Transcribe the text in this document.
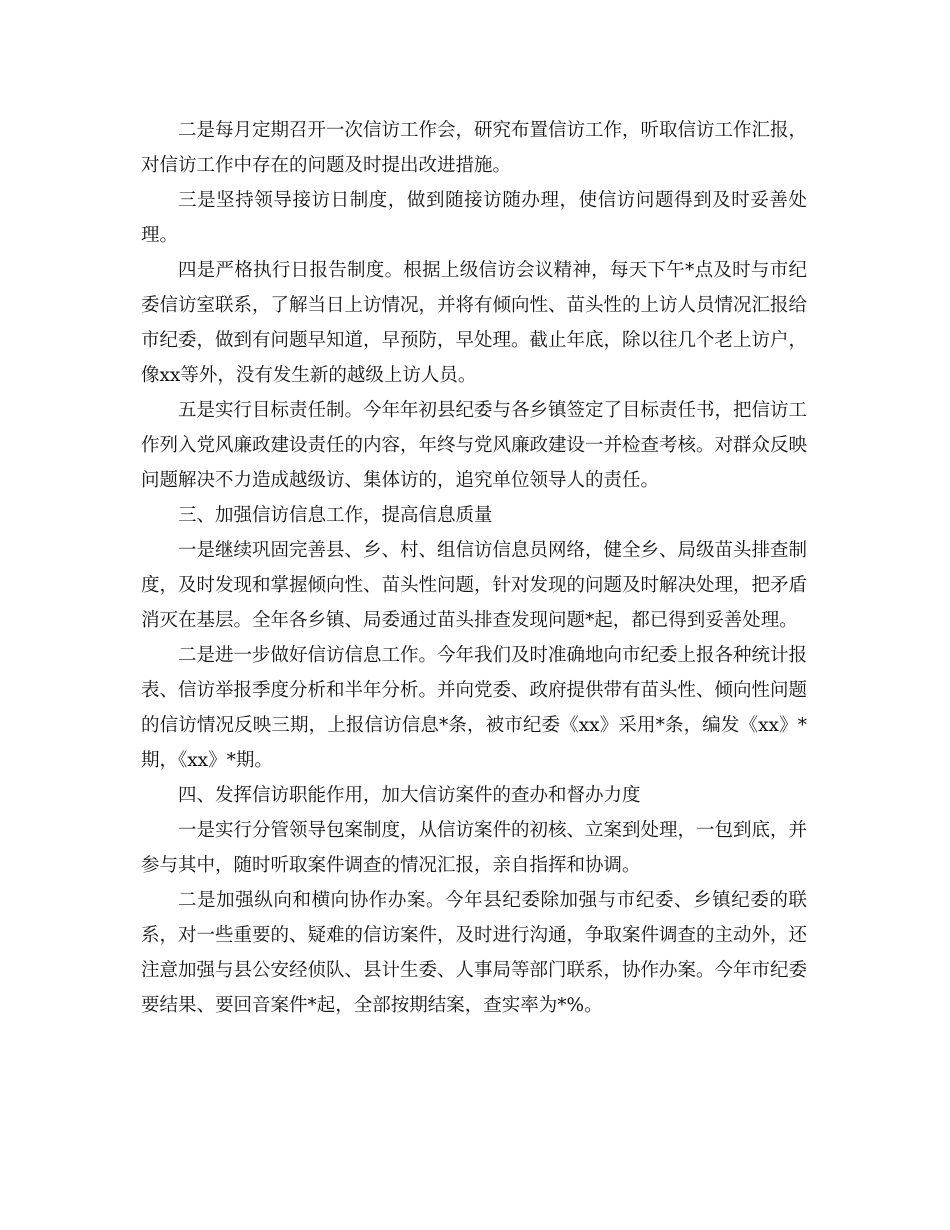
二是每月定期召开一次信访工作会，研究布置信访工作，听取信访工作汇报，对信访工作中存在的问题及时提出改进措施。

三是坚持领导接访日制度，做到随接访随办理，使信访问题得到及时妥善处理。

四是严格执行日报告制度。根据上级信访会议精神，每天下午*点及时与市纪委信访室联系，了解当日上访情况，并将有倾向性、苗头性的上访人员情况汇报给市纪委，做到有问题早知道，早预防，早处理。截止年底，除以往几个老上访户，像xx等外，没有发生新的越级上访人员。

五是实行目标责任制。今年年初县纪委与各乡镇签定了目标责任书，把信访工作列入党风廉政建设责任的内容，年终与党风廉政建设一并检查考核。对群众反映问题解决不力造成越级访、集体访的，追究单位领导人的责任。

三、加强信访信息工作，提高信息质量

一是继续巩固完善县、乡、村、组信访信息员网络，健全乡、局级苗头排查制度，及时发现和掌握倾向性、苗头性问题，针对发现的问题及时解决处理，把矛盾消灭在基层。全年各乡镇、局委通过苗头排查发现问题*起，都已得到妥善处理。

二是进一步做好信访信息工作。今年我们及时准确地向市纪委上报各种统计报表、信访举报季度分析和半年分析。并向党委、政府提供带有苗头性、倾向性问题的信访情况反映三期，上报信访信息*条，被市纪委《xx》采用*条，编发《xx》*期，《xx》*期。

四、发挥信访职能作用，加大信访案件的查办和督办力度

一是实行分管领导包案制度，从信访案件的初核、立案到处理，一包到底，并参与其中，随时听取案件调查的情况汇报，亲自指挥和协调。

二是加强纵向和横向协作办案。今年县纪委除加强与市纪委、乡镇纪委的联系，对一些重要的、疑难的信访案件，及时进行沟通，争取案件调查的主动外，还注意加强与县公安经侦队、县计生委、人事局等部门联系，协作办案。今年市纪委要结果、要回音案件*起，全部按期结案，查实率为*%。
